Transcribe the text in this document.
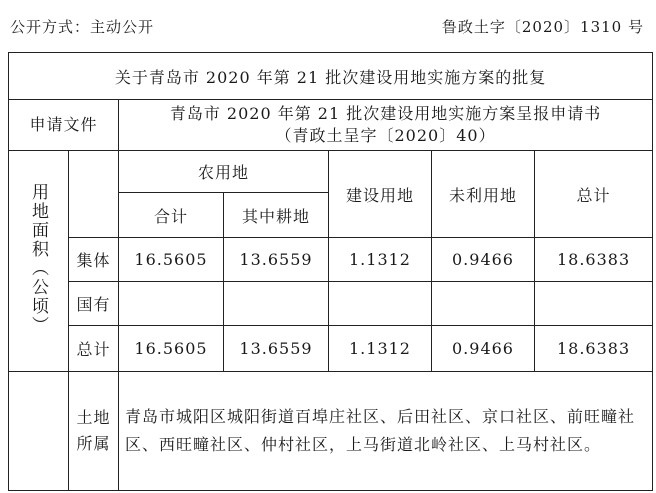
公开方式：主动公开	鲁政土字〔2020〕1310 号
关于青岛市 2020 年第 21 批次建设用地实施方案的批复						
申请文件		青岛市 2020 年第 21 批次建设用地实施方案呈报申请书
（青政土呈字〔2020〕40）				

用地面积（公顷）		农用地		建设用地	未利用地	总计
		合计	其中耕地			
	集体	16.5605	13.6559	1.1312	0.9466	18.6383
	国有					
	总计	16.5605	13.6559	1.1312	0.9466	18.6383

	土地
所属	青岛市城阳区城阳街道百埠庄社区、后田社区、京口社区、前旺疃社区、西旺疃社区、仲村社区，上马街道北岭社区、上马村社区。				
